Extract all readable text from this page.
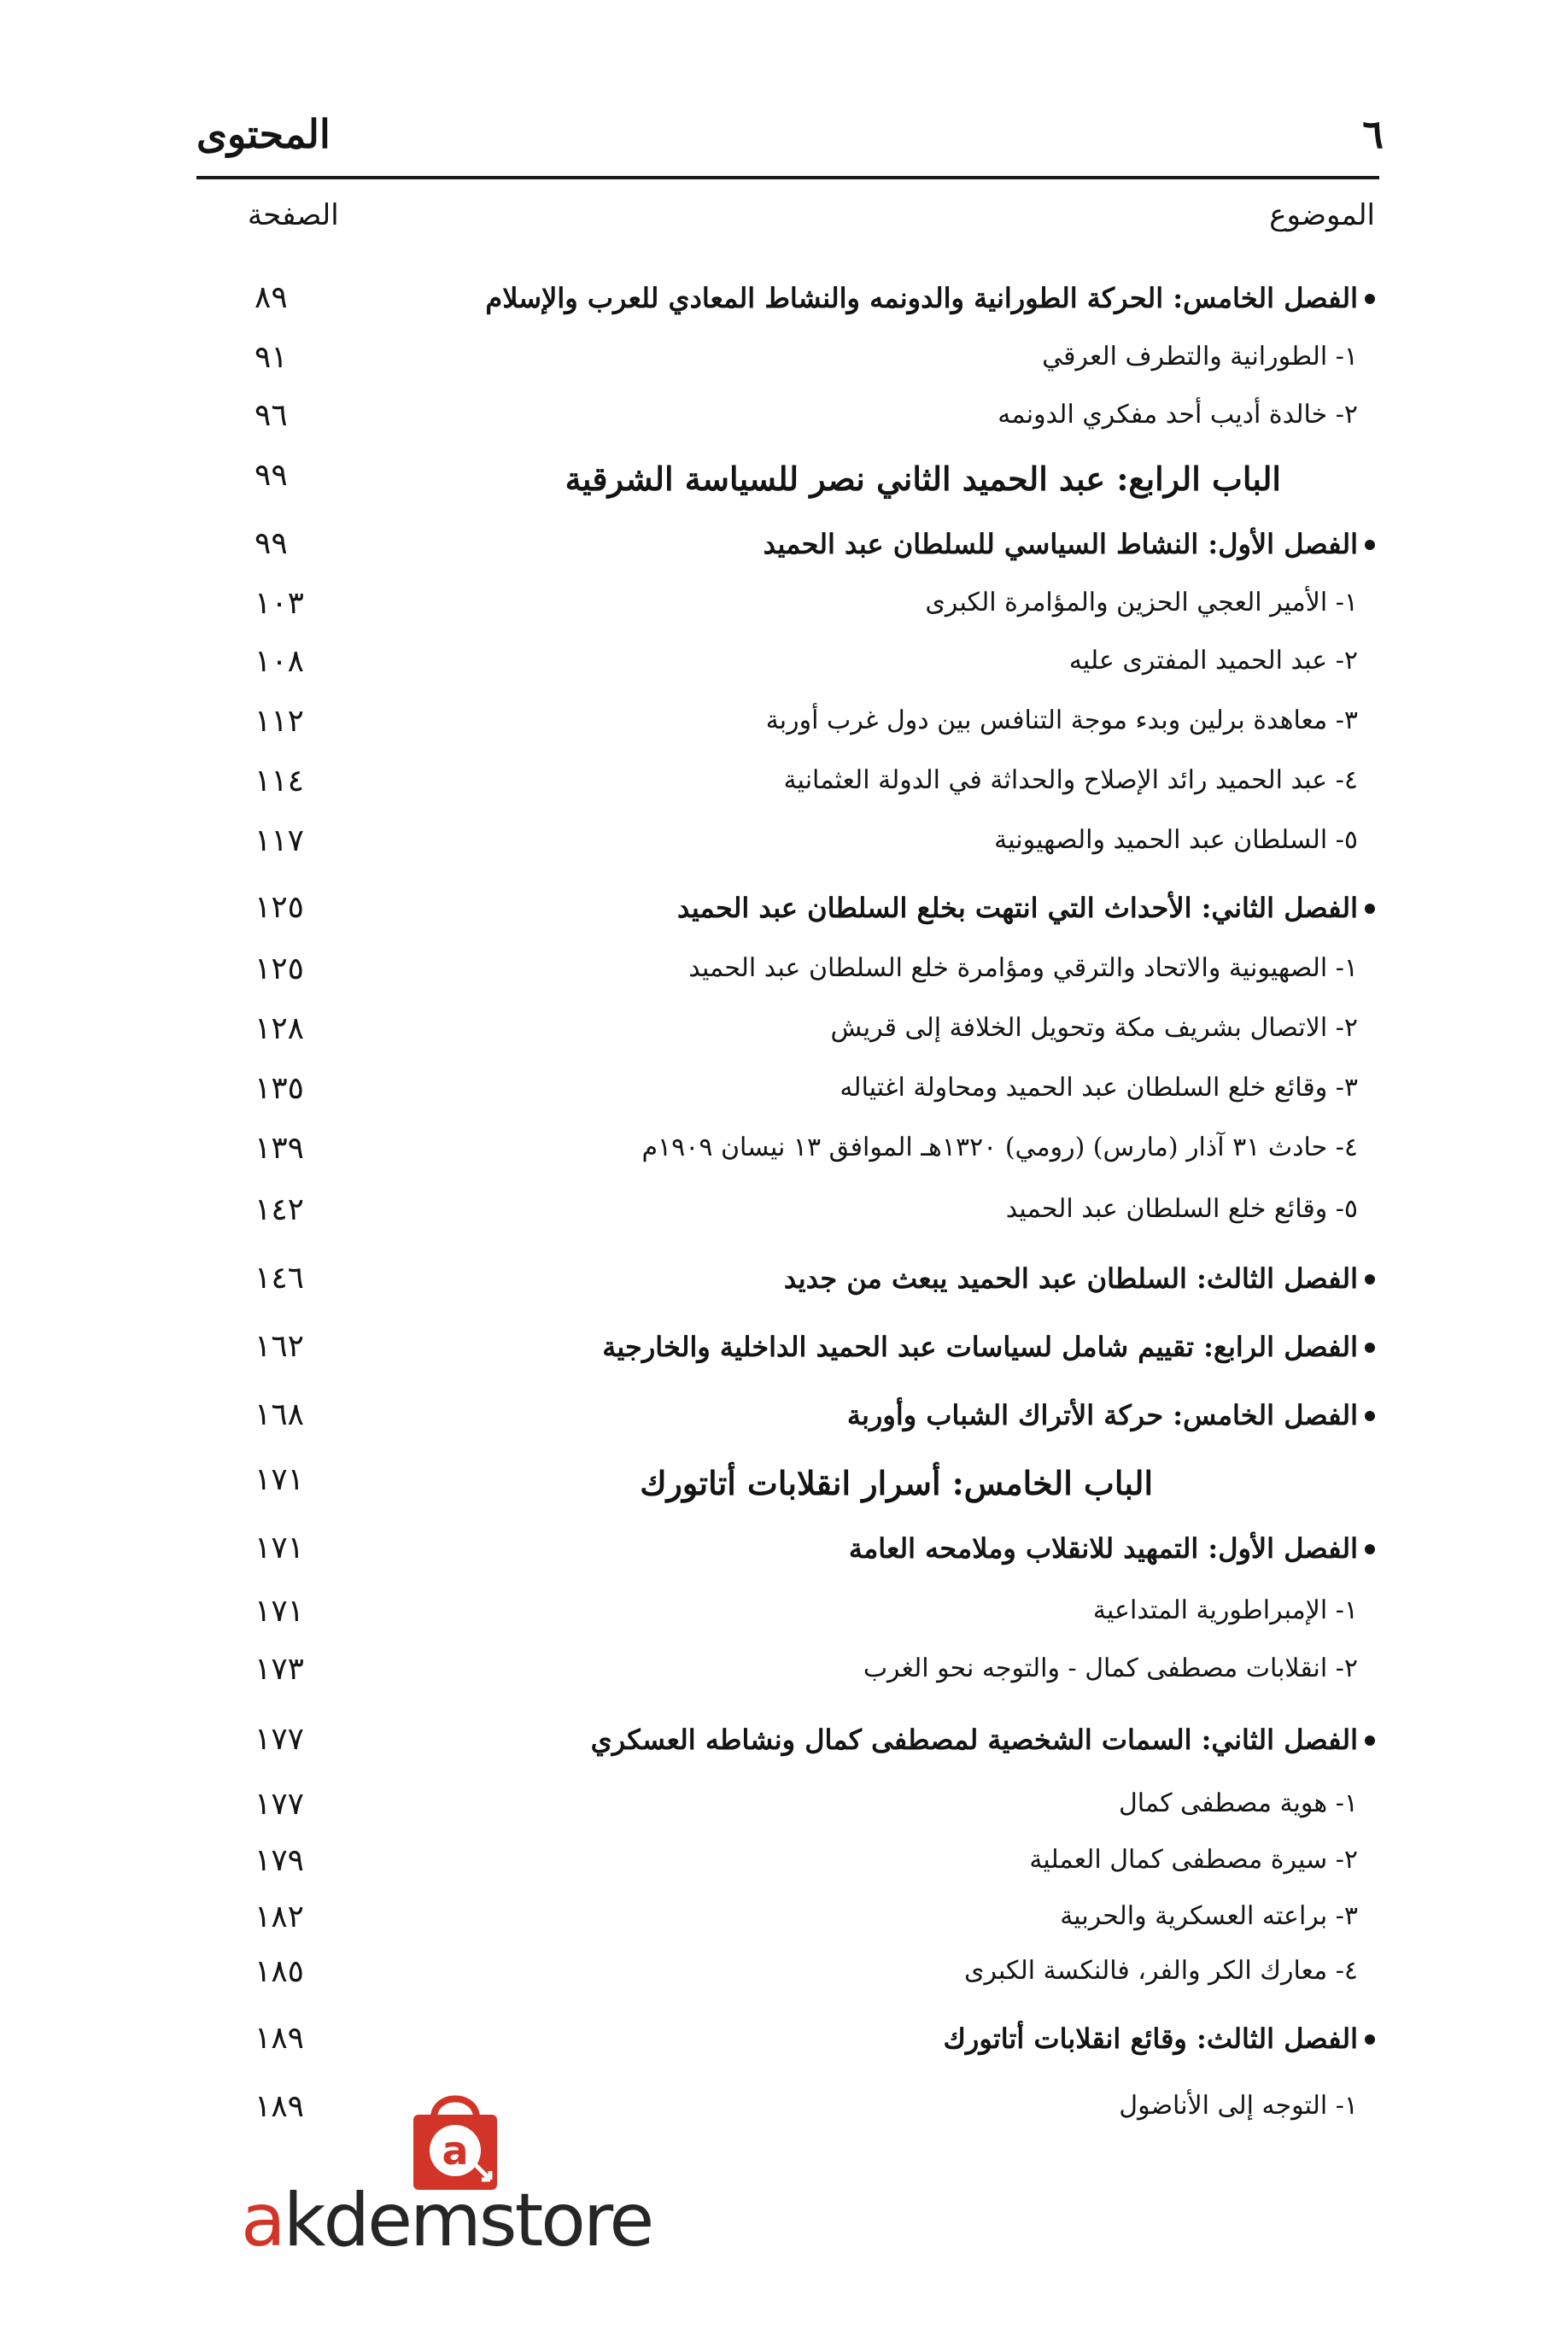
المحتوى	٦
الموضوع
الصفحة
الفصل الخامس: الحركة الطورانية والدونمه والنشاط المعادي للعرب والإسلام
٨٩
١- الطورانية والتطرف العرقي
٩١
٢- خالدة أديب أحد مفكري الدونمه
٩٦
الباب الرابع: عبد الحميد الثاني نصر للسياسة الشرقية
٩٩
الفصل الأول: النشاط السياسي للسلطان عبد الحميد
٩٩
١- الأمير العجي الحزين والمؤامرة الكبرى
١٠٣
٢- عبد الحميد المفترى عليه
١٠٨
٣- معاهدة برلين وبدء موجة التنافس بين دول غرب أوربة
١١٢
٤- عبد الحميد رائد الإصلاح والحداثة في الدولة العثمانية
١١٤
٥- السلطان عبد الحميد والصهيونية
١١٧
الفصل الثاني: الأحداث التي انتهت بخلع السلطان عبد الحميد
١٢٥
١- الصهيونية والاتحاد والترقي ومؤامرة خلع السلطان عبد الحميد
١٢٥
٢- الاتصال بشريف مكة وتحويل الخلافة إلى قريش
١٢٨
٣- وقائع خلع السلطان عبد الحميد ومحاولة اغتياله
١٣٥
٤- حادث ٣١ آذار (مارس) (رومي) ١٣٢٠هـ الموافق ١٣ نيسان ١٩٠٩م
١٣٩
٥- وقائع خلع السلطان عبد الحميد
١٤٢
الفصل الثالث: السلطان عبد الحميد يبعث من جديد
١٤٦
الفصل الرابع: تقييم شامل لسياسات عبد الحميد الداخلية والخارجية
١٦٢
الفصل الخامس: حركة الأتراك الشباب وأوربة
١٦٨
الباب الخامس: أسرار انقلابات أتاتورك
١٧١
الفصل الأول: التمهيد للانقلاب وملامحه العامة
١٧١
١- الإمبراطورية المتداعية
١٧١
٢- انقلابات مصطفى كمال - والتوجه نحو الغرب
١٧٣
الفصل الثاني: السمات الشخصية لمصطفى كمال ونشاطه العسكري
١٧٧
١- هوية مصطفى كمال
١٧٧
٢- سيرة مصطفى كمال العملية
١٧٩
٣- براعته العسكرية والحربية
١٨٢
٤- معارك الكر والفر، فالنكسة الكبرى
١٨٥
الفصل الثالث: وقائع انقلابات أتاتورك
١٨٩
١- التوجه إلى الأناضول
١٨٩
a
akdemstore
